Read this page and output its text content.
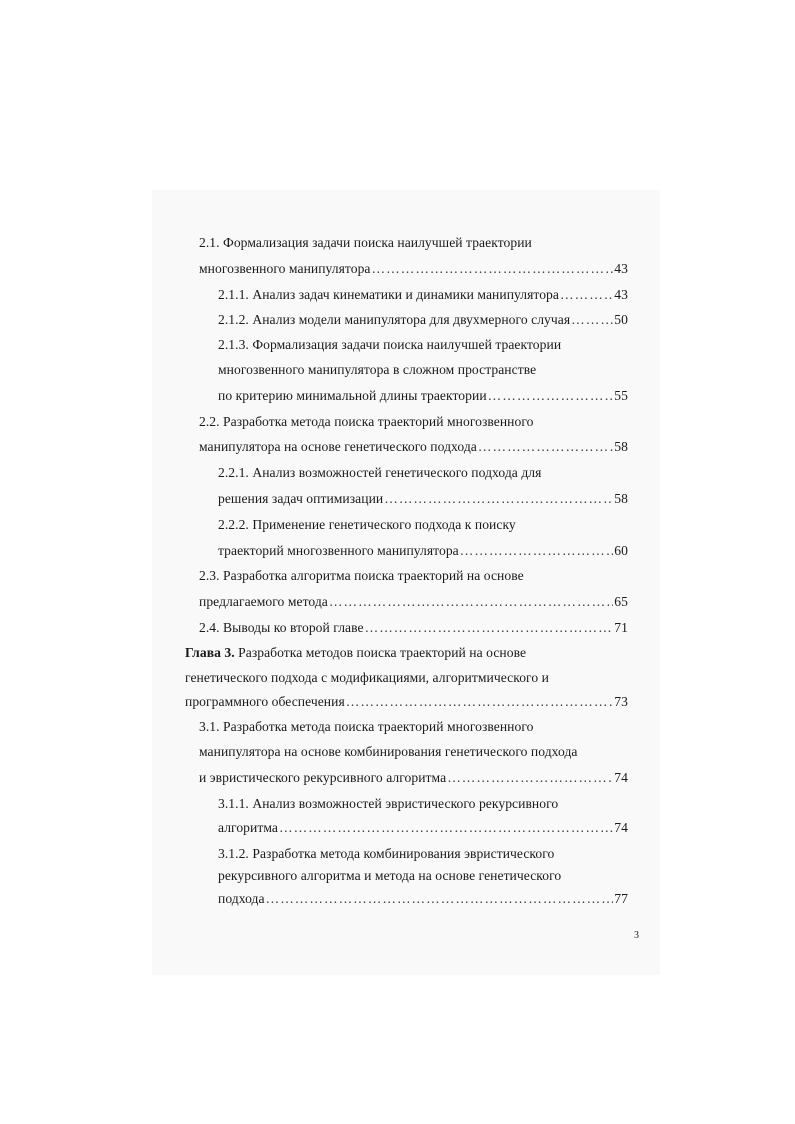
2.1. Формализация задачи поиска наилучшей траектории
многозвенного манипулятора ……………………………………………………………………………………………………………………………………………………………………………………………………	43
2.1.1. Анализ задач кинематики и динамики манипулятора ……………………………………………………………………………………………………………………………………………………………………………………………………	43
2.1.2. Анализ модели манипулятора для двухмерного случая ……………………………………………………………………………………………………………………………………………………………………………………………………	50
2.1.3. Формализация задачи поиска наилучшей траектории
многозвенного манипулятора в сложном пространстве
по критерию минимальной длины траектории ……………………………………………………………………………………………………………………………………………………………………………………………………	55
2.2. Разработка метода поиска траекторий многозвенного
манипулятора на основе генетического подхода ……………………………………………………………………………………………………………………………………………………………………………………………………	58
2.2.1. Анализ возможностей генетического подхода для
решения задач оптимизации ……………………………………………………………………………………………………………………………………………………………………………………………………	58
2.2.2. Применение генетического подхода к поиску
траекторий многозвенного манипулятора ……………………………………………………………………………………………………………………………………………………………………………………………………	60
2.3. Разработка алгоритма поиска траекторий на основе
предлагаемого метода ……………………………………………………………………………………………………………………………………………………………………………………………………	65
2.4. Выводы ко второй главе ……………………………………………………………………………………………………………………………………………………………………………………………………	71
Глава 3. Разработка методов поиска траекторий на основе
генетического подхода с модификациями, алгоритмического и
программного обеспечения ……………………………………………………………………………………………………………………………………………………………………………………………………	73
3.1. Разработка метода поиска траекторий многозвенного
манипулятора на основе комбинирования генетического подхода
и эвристического рекурсивного алгоритма ……………………………………………………………………………………………………………………………………………………………………………………………………	74
3.1.1. Анализ возможностей эвристического рекурсивного
алгоритма ……………………………………………………………………………………………………………………………………………………………………………………………………	74
3.1.2. Разработка метода комбинирования эвристического
рекурсивного алгоритма и метода на основе генетического
подхода ……………………………………………………………………………………………………………………………………………………………………………………………………	77
3
